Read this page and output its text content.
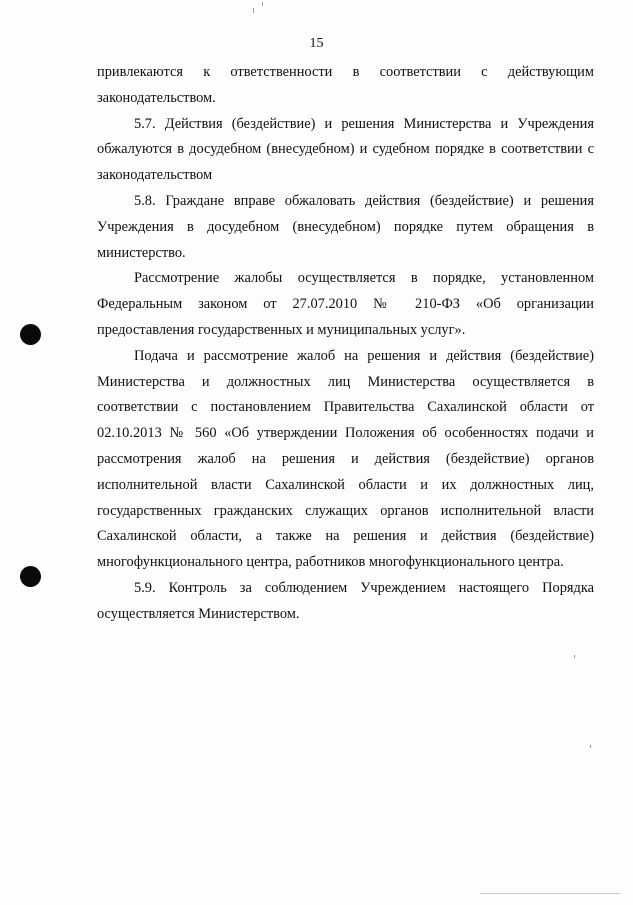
15

привлекаются к ответственности в соответствии с действующим законодательством.

5.7. Действия (бездействие) и решения Министерства и Учреждения обжалуются в досудебном (внесудебном) и судебном порядке в соответствии с законодательством

5.8. Граждане вправе обжаловать действия (бездействие) и решения Учреждения в досудебном (внесудебном) порядке путем обращения в министерство.

Рассмотрение жалобы осуществляется в порядке, установленном Федеральным законом от 27.07.2010 № 210-ФЗ «Об организации предоставления государственных и муниципальных услуг».

Подача и рассмотрение жалоб на решения и действия (бездействие) Министерства и должностных лиц Министерства осуществляется в соответствии с постановлением Правительства Сахалинской области от 02.10.2013 № 560 «Об утверждении Положения об особенностях подачи и рассмотрения жалоб на решения и действия (бездействие) органов исполнительной власти Сахалинской области и их должностных лиц, государственных гражданских служащих органов исполнительной власти Сахалинской области, а также на решения и действия (бездействие) многофункционального центра, работников многофункционального центра.

5.9. Контроль за соблюдением Учреждением настоящего Порядка осуществляется Министерством.
